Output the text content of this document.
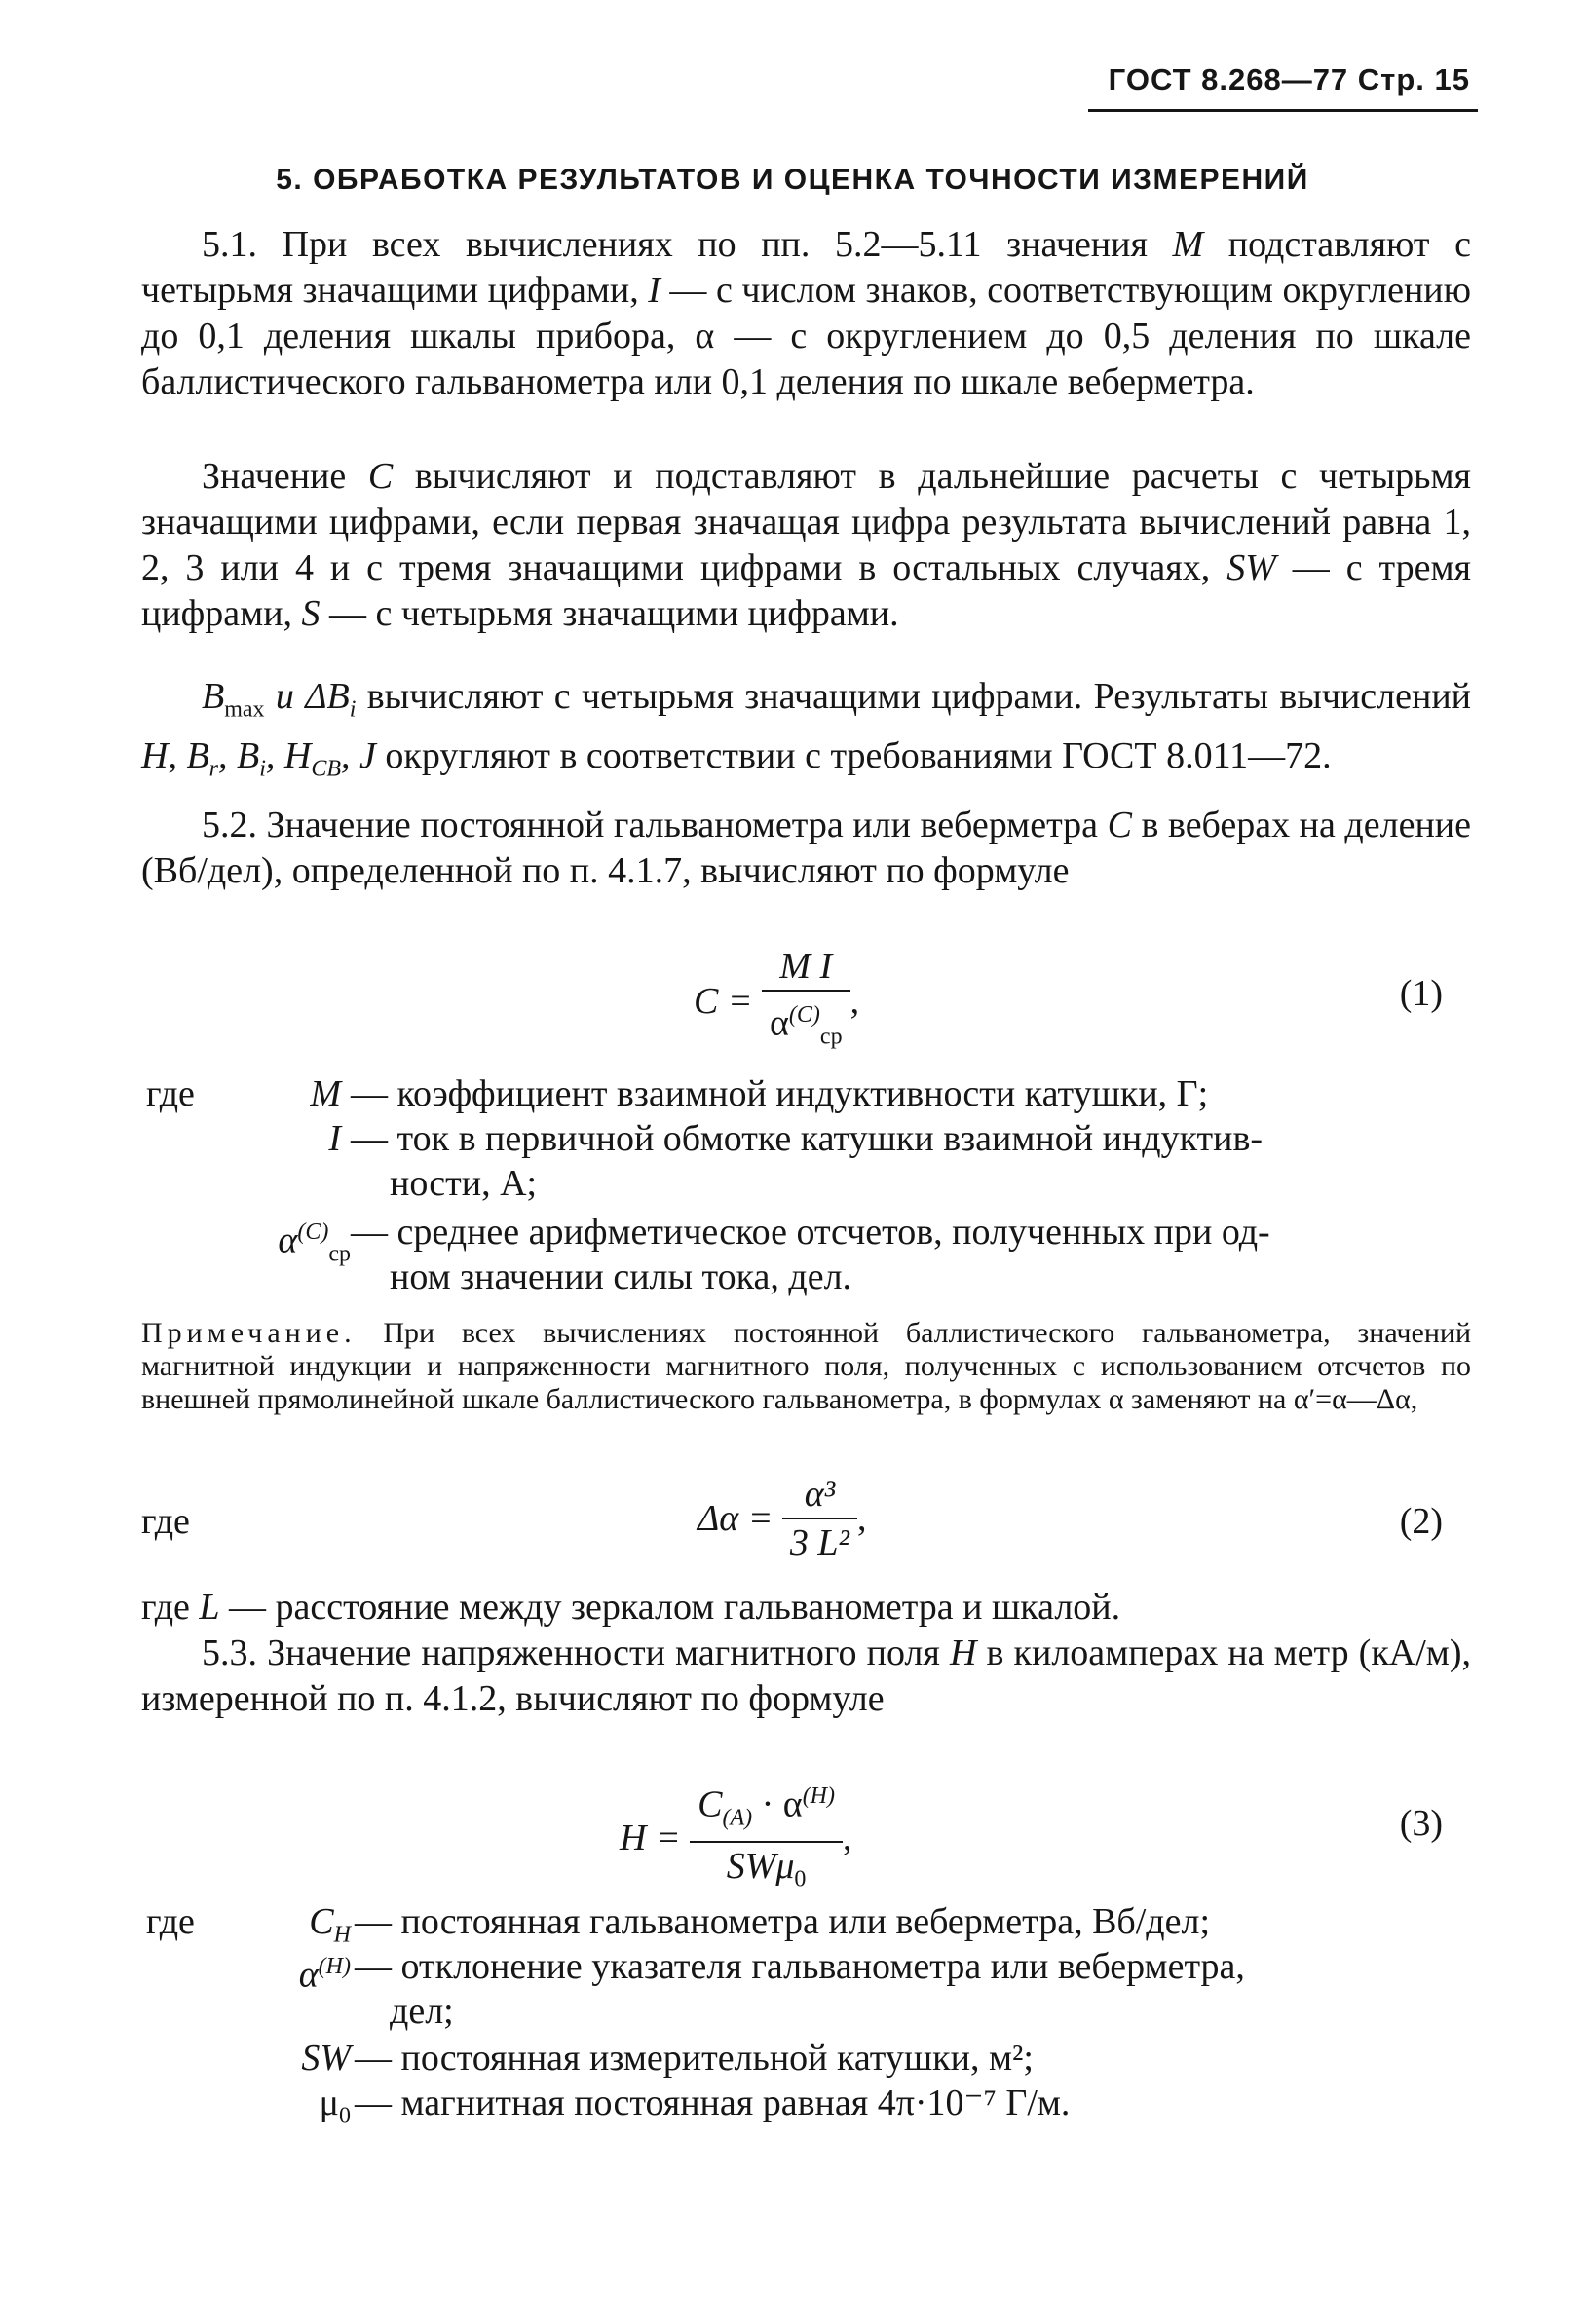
ГОСТ 8.268—77 Стр. 15
5. ОБРАБОТКА РЕЗУЛЬТАТОВ И ОЦЕНКА ТОЧНОСТИ ИЗМЕРЕНИЙ
5.1. При всех вычислениях по пп. 5.2—5.11 значения M подставляют с четырьмя значащими цифрами, I — с числом знаков, соответствующим округлению до 0,1 деления шкалы прибора, α — с округлением до 0,5 деления по шкале баллистического гальванометра или 0,1 деления по шкале веберметра.
Значение C вычисляют и подставляют в дальнейшие расчеты с четырьмя значащими цифрами, если первая значащая цифра результата вычислений равна 1, 2, 3 или 4 и с тремя значащими цифрами в остальных случаях, SW — с тремя цифрами, S — с четырьмя значащими цифрами.
$B_{max}$ и $\Delta B_i$ вычисляют с четырьмя значащими цифрами. Результаты вычислений H, $B_r$, $B_i$, $H_{CB}$, J округляют в соответствии с требованиями ГОСТ 8.011—72.
5.2. Значение постоянной гальванометра или веберметра C в веберах на деление (Вб/дел), определенной по п. 4.1.7, вычисляют по формуле
$C = \frac{\text{M I}}{\alpha^{(C)}_{ср}}$ ,	(1)
где	M — коэффициент взаимной индуктивности катушки, Г;
I — ток в первичной обмотке катушки взаимной индуктив-
ности, А;
$\alpha^{(C)}_{ср}$
— среднее арифметическое отсчетов, полученных при од-
ном значении силы тока, дел.
Примечание. При всех вычислениях постоянной баллистического гальванометра, значений магнитной индукции и напряженности магнитного поля, полученных с использованием отсчетов по внешней прямолинейной шкале баллистического гальванометра, в формулах α заменяют на α′=α—Δα,
где	$\Delta\alpha = \frac{\text{α³}}{\text{3 L²}}$ ,	(2)
где L — расстояние между зеркалом гальванометра и шкалой.
5.3. Значение напряженности магнитного поля H в килоамперах на метр (кА/м), измеренной по п. 4.1.2, вычисляют по формуле
$H = \frac{C_{(A)} \cdot \alpha^{(H)}}{SW\mu_0}$ ,	(3)
где	$C_H$ — постоянная гальванометра или веберметра, Вб/дел;
$\alpha^{(H)}$ — отклонение указателя гальванометра или веберметра,
дел;
SW — постоянная измерительной катушки, м²;
$\mu_0$ — магнитная постоянная равная 4π·10⁻⁷ Г/м.
